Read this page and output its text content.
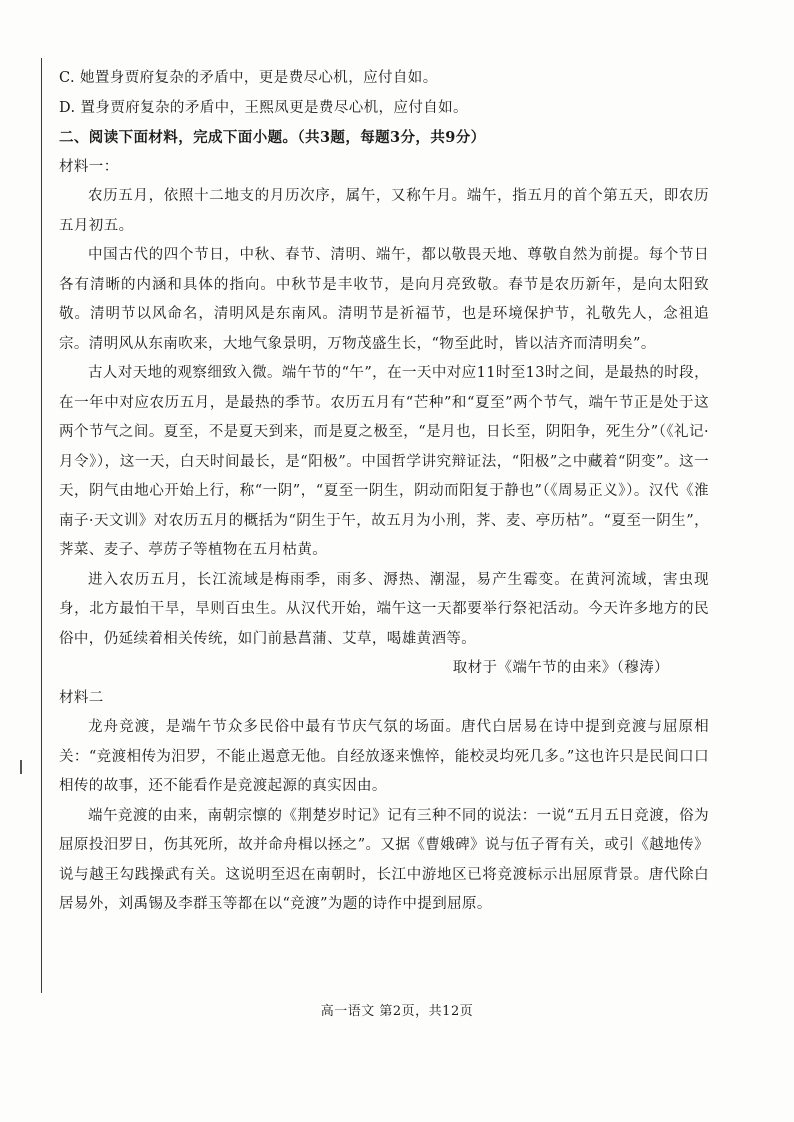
C. 她置身贾府复杂的矛盾中，更是费尽心机，应付自如。
D. 置身贾府复杂的矛盾中，王熙凤更是费尽心机，应付自如。
二、阅读下面材料，完成下面小题。（共3题，每题3分，共9分）
材料一：

农历五月，依照十二地支的月历次序，属午，又称午月。端午，指五月的首个第五天，即农历五月初五。

中国古代的四个节日，中秋、春节、清明、端午，都以敬畏天地、尊敬自然为前提。每个节日各有清晰的内涵和具体的指向。中秋节是丰收节，是向月亮致敬。春节是农历新年，是向太阳致敬。清明节以风命名，清明风是东南风。清明节是祈福节，也是环境保护节，礼敬先人，念祖追宗。清明风从东南吹来，大地气象景明，万物茂盛生长，“物至此时，皆以洁齐而清明矣”。

古人对天地的观察细致入微。端午节的“午”，在一天中对应11时至13时之间，是最热的时段，在一年中对应农历五月，是最热的季节。农历五月有“芒种”和“夏至”两个节气，端午节正是处于这两个节气之间。夏至，不是夏天到来，而是夏之极至，“是月也，日长至，阴阳争，死生分”（《礼记·月令》），这一天，白天时间最长，是“阳极”。中国哲学讲究辩证法，“阳极”之中藏着“阴变”。这一天，阴气由地心开始上行，称“一阴”，“夏至一阴生，阴动而阳复于静也”（《周易正义》）。汉代《淮南子·天文训》对农历五月的概括为“阴生于午，故五月为小刑，荠、麦、亭历枯”。“夏至一阴生”，荠菜、麦子、葶苈子等植物在五月枯黄。

进入农历五月，长江流域是梅雨季，雨多、溽热、潮湿，易产生霉变。在黄河流域，害虫现身，北方最怕干旱，旱则百虫生。从汉代开始，端午这一天都要举行祭祀活动。今天许多地方的民俗中，仍延续着相关传统，如门前悬菖蒲、艾草，喝雄黄酒等。

取材于《端午节的由来》（穆涛）
材料二

龙舟竞渡，是端午节众多民俗中最有节庆气氛的场面。唐代白居易在诗中提到竞渡与屈原相关：“竞渡相传为汨罗，不能止遏意无他。自经放逐来憔悴，能校灵均死几多。”这也许只是民间口口相传的故事，还不能看作是竞渡起源的真实因由。

端午竞渡的由来，南朝宗懔的《荆楚岁时记》记有三种不同的说法：一说“五月五日竞渡，俗为屈原投汨罗日，伤其死所，故并命舟楫以拯之”。又据《曹娥碑》说与伍子胥有关，或引《越地传》说与越王勾践操武有关。这说明至迟在南朝时，长江中游地区已将竞渡标示出屈原背景。唐代除白居易外，刘禹锡及李群玉等都在以“竞渡”为题的诗作中提到屈原。

高一语文 第2页，共12页
